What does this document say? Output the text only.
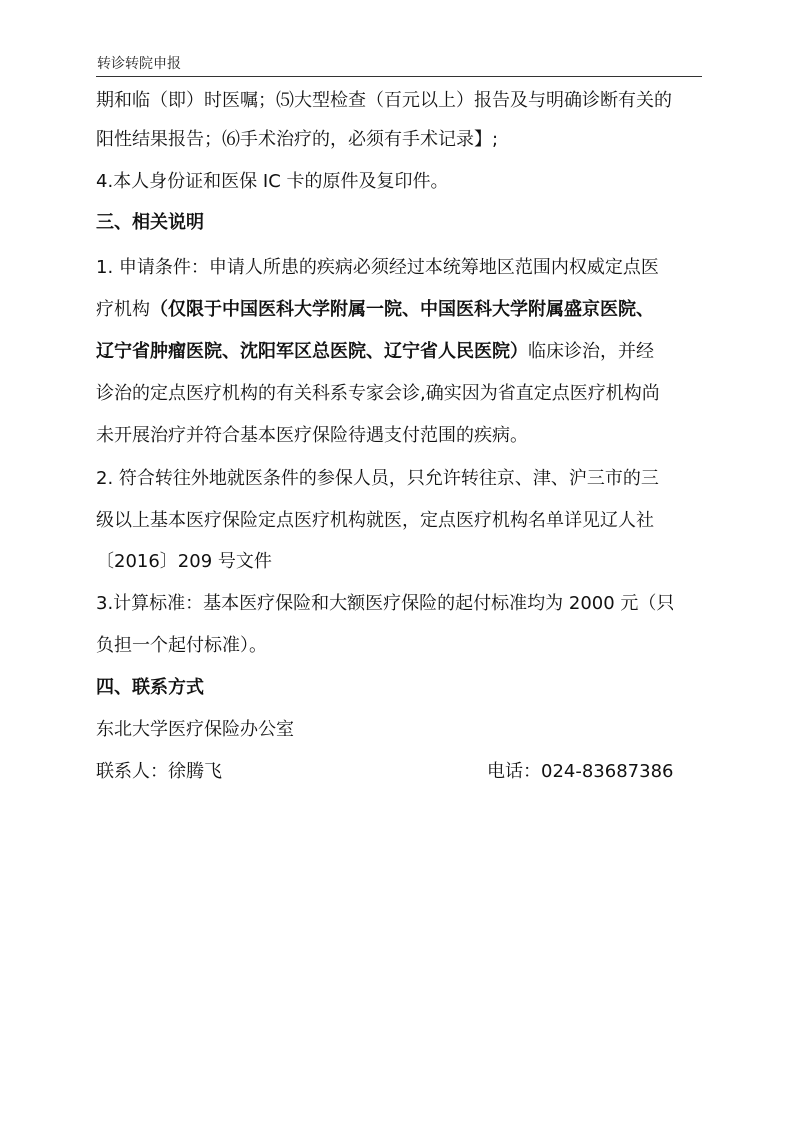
转诊转院申报
期和临（即）时医嘱；⑸大型检查（百元以上）报告及与明确诊断有关的
阳性结果报告；⑹手术治疗的，必须有手术记录】;
4.本人身份证和医保 IC 卡的原件及复印件。
三、相关说明
1. 申请条件：申请人所患的疾病必须经过本统筹地区范围内权威定点医
疗机构（仅限于中国医科大学附属一院、中国医科大学附属盛京医院、
辽宁省肿瘤医院、沈阳军区总医院、辽宁省人民医院）临床诊治，并经
诊治的定点医疗机构的有关科系专家会诊,确实因为省直定点医疗机构尚
未开展治疗并符合基本医疗保险待遇支付范围的疾病。
2. 符合转往外地就医条件的参保人员，只允许转往京、津、沪三市的三
级以上基本医疗保险定点医疗机构就医，定点医疗机构名单详见辽人社
〔2016〕209 号文件
3.计算标准：基本医疗保险和大额医疗保险的起付标准均为 2000 元（只
负担一个起付标准）。
四、联系方式
东北大学医疗保险办公室
联系人：徐腾飞	电话：024-83687386
